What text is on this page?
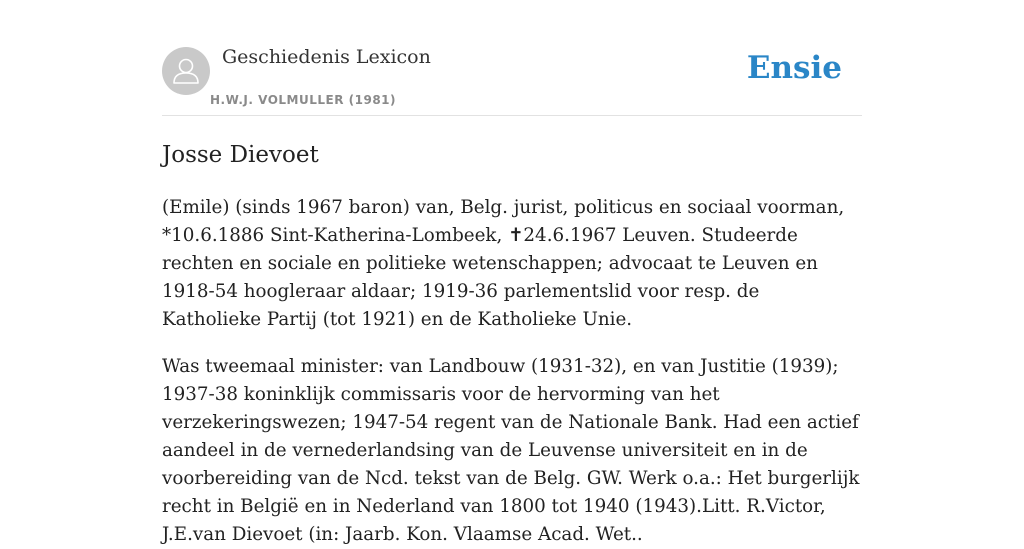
Geschiedenis Lexicon
H.W.J. VOLMULLER (1981)
Ensie
Josse Dievoet

(Emile) (sinds 1967 baron) van, Belg. jurist, politicus en sociaal voorman, *10.6.1886 Sint-Katherina-Lombeek, ✝24.6.1967 Leuven. Studeerde rechten en sociale en politieke wetenschappen; advocaat te Leuven en 1918-54 hoogleraar aldaar; 1919-36 parlementslid voor resp. de Katholieke Partij (tot 1921) en de Katholieke Unie.

Was tweemaal minister: van Landbouw (1931-32), en van Justitie (1939); 1937-38 koninklijk commissaris voor de hervorming van het verzekeringswezen; 1947-54 regent van de Nationale Bank. Had een actief aandeel in de vernederlandsing van de Leuvense universiteit en in de voorbereiding van de Ncd. tekst van de Belg. GW. Werk o.a.: Het burgerlijk recht in België en in Nederland van 1800 tot 1940 (1943).Litt. R.Victor, J.E.van Dievoet (in: Jaarb. Kon. Vlaamse Acad. Wet..
